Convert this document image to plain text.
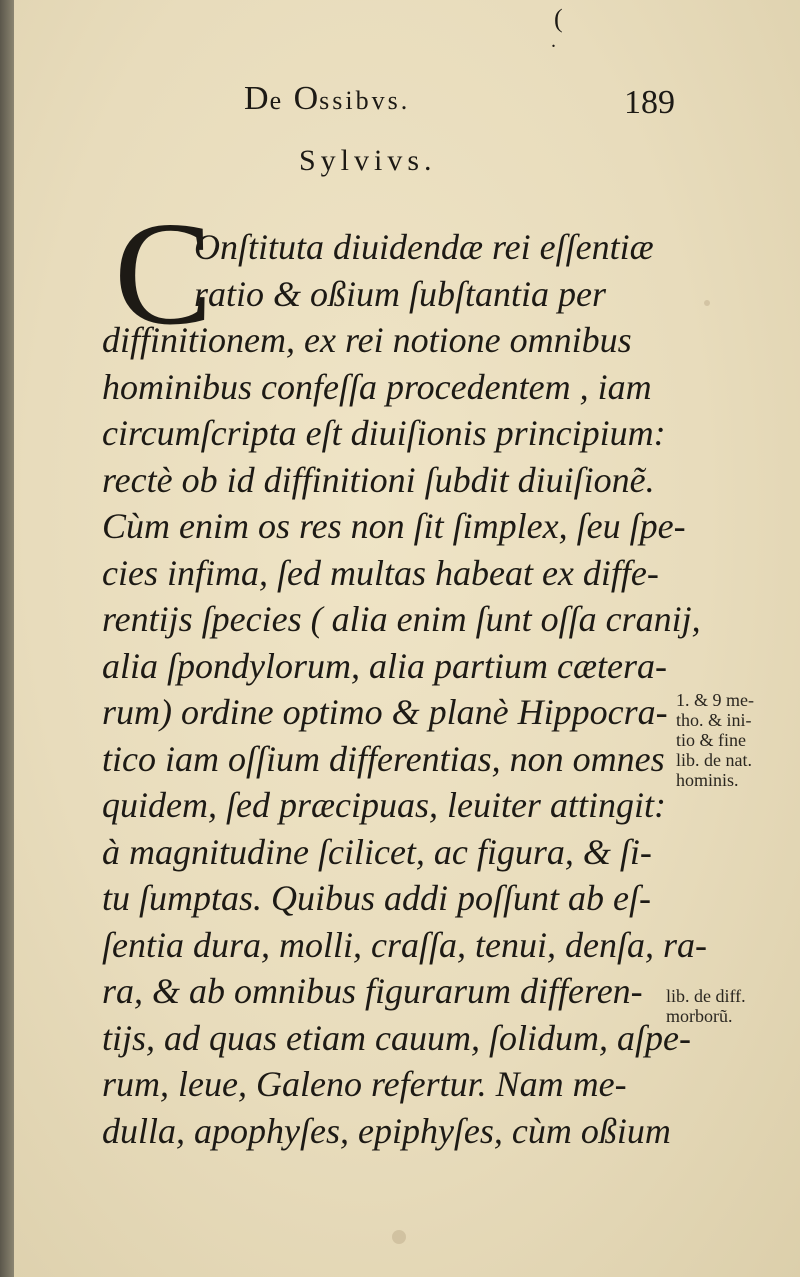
(
.
De Ossibvs.	189
Sylvivs.
C
Onſtituta diuidendæ rei eſſentiæ
ratio & oßium ſubſtantia per
diffinitionem, ex rei notione omnibus
hominibus confeſſa procedentem , iam
circumſcripta eſt diuiſionis principium:
rectè ob id diffinitioni ſubdit diuiſionẽ.
Cùm enim os res non ſit ſimplex, ſeu ſpe-
cies infima, ſed multas habeat ex diffe-
rentijs ſpecies ( alia enim ſunt oſſa cranij,
alia ſpondylorum, alia partium cætera-
rum) ordine optimo & planè Hippocra-
tico iam oſſium differentias, non omnes
quidem, ſed præcipuas, leuiter attingit:
à magnitudine ſcilicet, ac figura, & ſi-
tu ſumptas. Quibus addi poſſunt ab eſ-
ſentia dura, molli, craſſa, tenui, denſa, ra-
ra, & ab omnibus figurarum differen-
tijs, ad quas etiam cauum, ſolidum, aſpe-
rum, leue, Galeno refertur. Nam me-
dulla, apophyſes, epiphyſes, cùm oßium
1. & 9 me-
tho. & ini-
tio & fine
lib. de nat.
hominis.
lib. de diff.
morborũ.
